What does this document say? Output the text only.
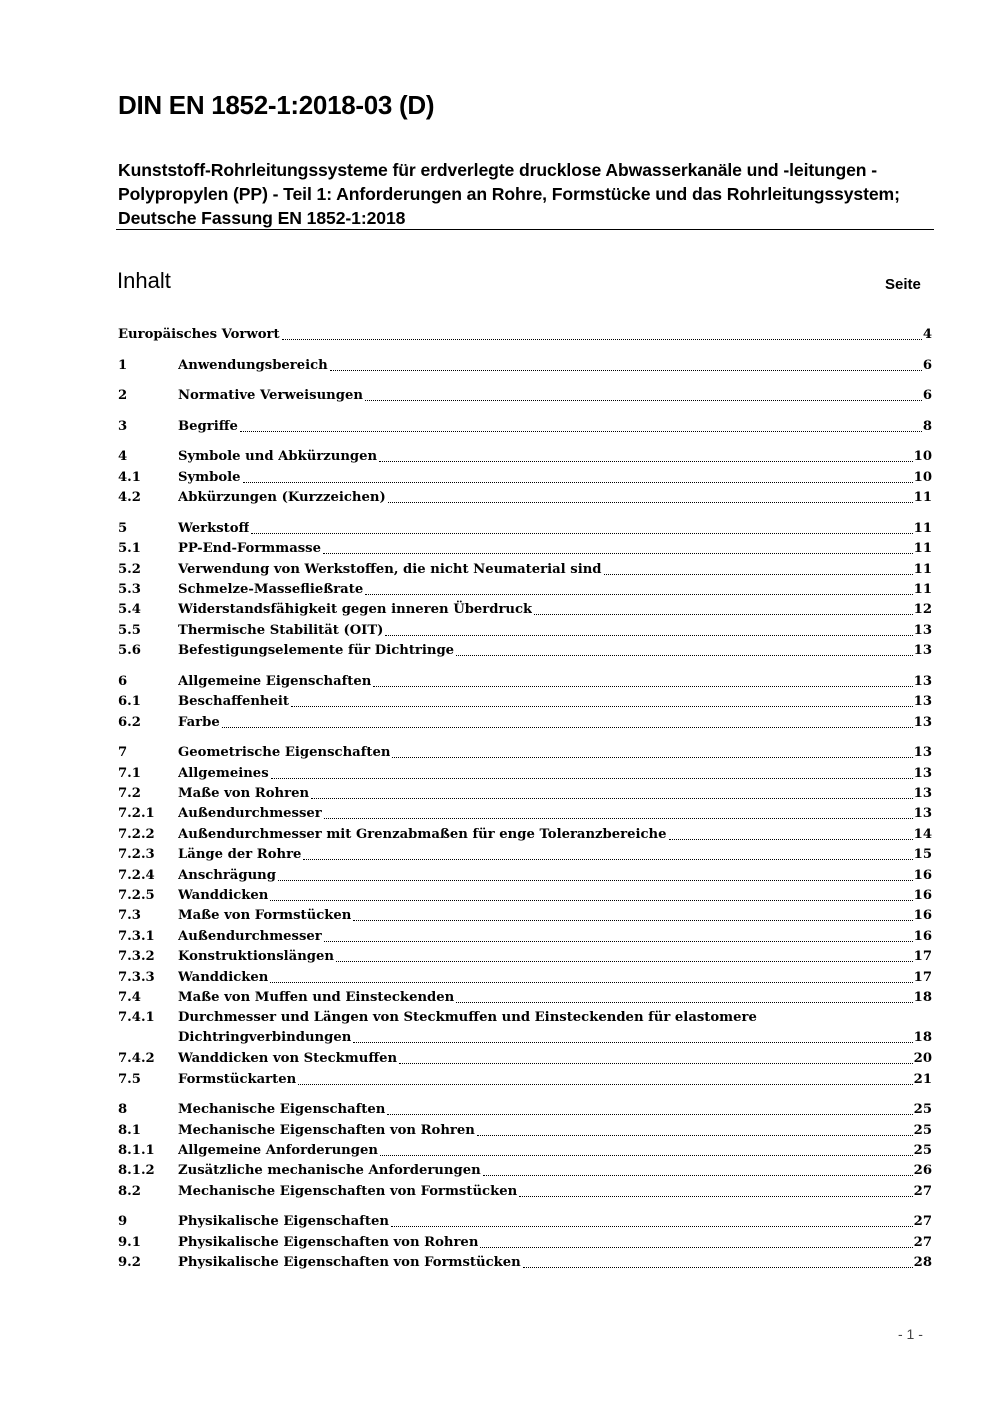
DIN EN 1852-1:2018-03 (D)
Kunststoff-Rohrleitungssysteme für erdverlegte drucklose Abwasserkanäle und -leitungen - Polypropylen (PP) - Teil 1: Anforderungen an Rohre, Formstücke und das Rohrleitungssystem; Deutsche Fassung EN 1852-1:2018
Inhalt	Seite
Europäisches Vorwort	4
1	Anwendungsbereich	6
2	Normative Verweisungen	6
3	Begriffe	8
4	Symbole und Abkürzungen	10
4.1	Symbole	10
4.2	Abkürzungen (Kurzzeichen)	11
5	Werkstoff	11
5.1	PP-End-Formmasse	11
5.2	Verwendung von Werkstoffen, die nicht Neumaterial sind	11
5.3	Schmelze-Massefließrate	11
5.4	Widerstandsfähigkeit gegen inneren Überdruck	12
5.5	Thermische Stabilität (OIT)	13
5.6	Befestigungselemente für Dichtringe	13
6	Allgemeine Eigenschaften	13
6.1	Beschaffenheit	13
6.2	Farbe	13
7	Geometrische Eigenschaften	13
7.1	Allgemeines	13
7.2	Maße von Rohren	13
7.2.1 Außendurchmesser	13
7.2.2 Außendurchmesser mit Grenzabmaßen für enge Toleranzbereiche	14
7.2.3 Länge der Rohre	15
7.2.4 Anschrägung	16
7.2.5 Wanddicken	16
7.3	Maße von Formstücken	16
7.3.1 Außendurchmesser	16
7.3.2 Konstruktionslängen	17
7.3.3 Wanddicken	17
7.4	Maße von Muffen und Einsteckenden	18
7.4.1 Durchmesser und Längen von Steckmuffen und Einsteckenden für elastomere
Dichtringverbindungen	18
7.4.2 Wanddicken von Steckmuffen	20
7.5	Formstückarten	21
8	Mechanische Eigenschaften	25
8.1	Mechanische Eigenschaften von Rohren	25
8.1.1 Allgemeine Anforderungen	25
8.1.2 Zusätzliche mechanische Anforderungen	26
8.2	Mechanische Eigenschaften von Formstücken	27
9	Physikalische Eigenschaften	27
9.1	Physikalische Eigenschaften von Rohren	27
9.2	Physikalische Eigenschaften von Formstücken	28
- 1 -
